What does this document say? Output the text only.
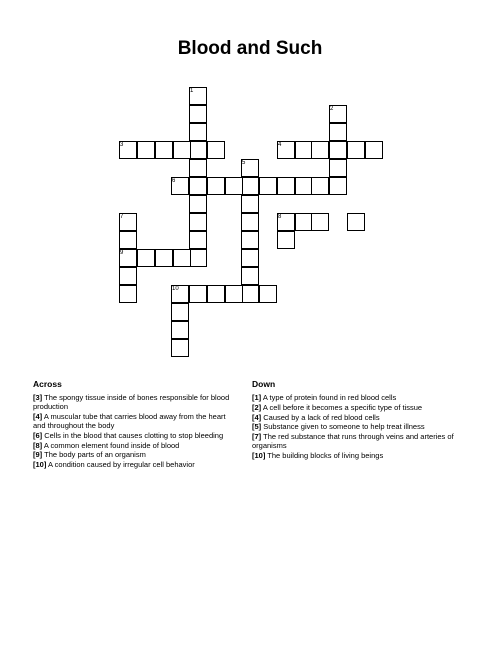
Blood and Such
1
2
3	4
5
6
7	8
9
10
Across
[3] The spongy tissue inside of bones responsible for blood production
[4] A muscular tube that carries blood away from the heart and throughout the body
[6] Cells in the blood that causes clotting to stop bleeding
[8] A common element found inside of blood
[9] The body parts of an organism
[10] A condition caused by irregular cell behavior
Down
[1] A type of protein found in red blood cells
[2] A cell before it becomes a specific type of tissue
[4] Caused by a lack of red blood cells
[5] Substance given to someone to help treat illness
[7] The red substance that runs through veins and arteries of organisms
[10] The building blocks of living beings
